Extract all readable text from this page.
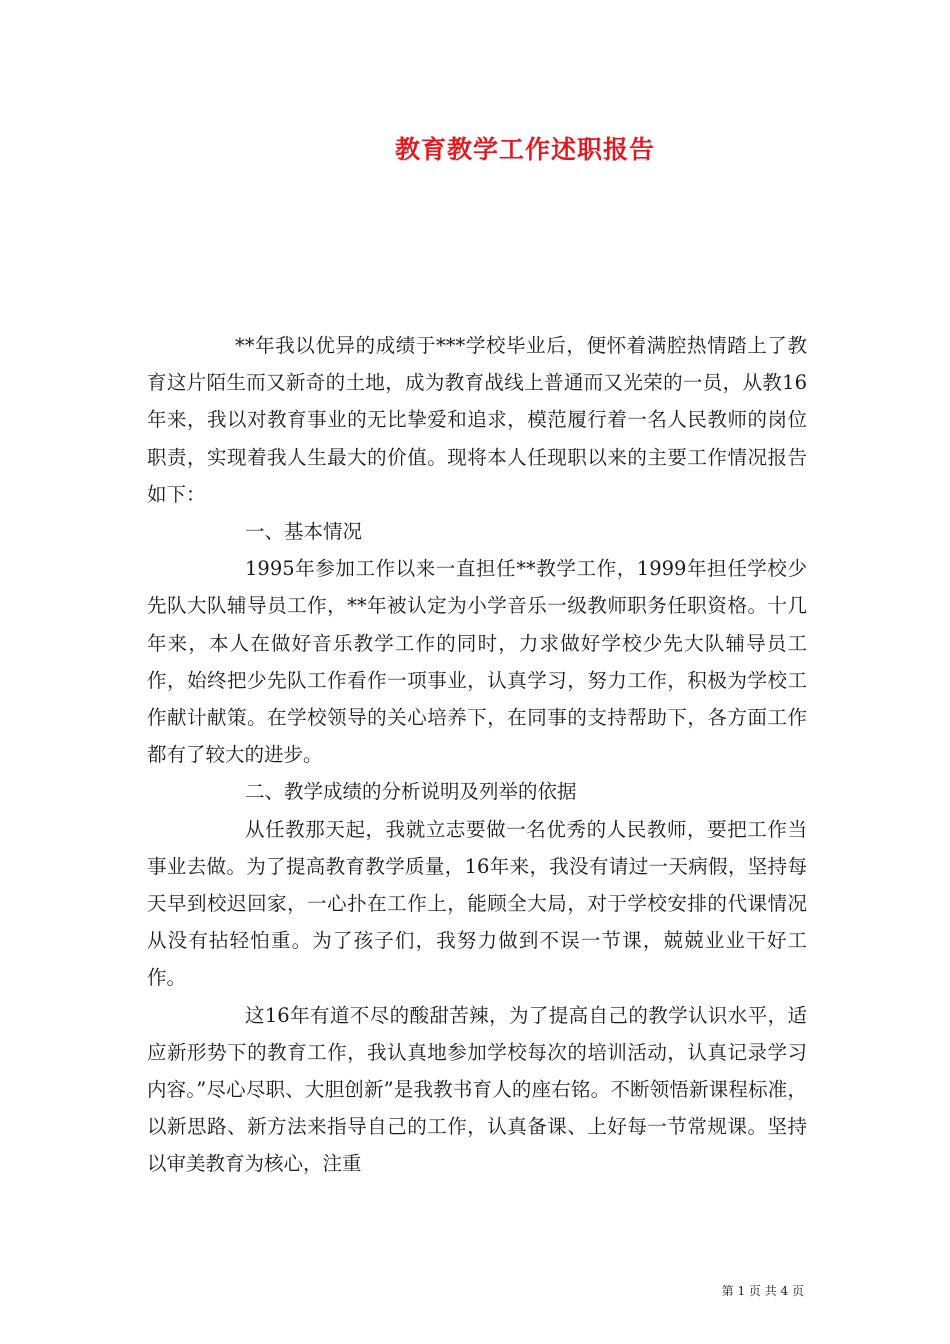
教育教学工作述职报告

**年我以优异的成绩于***学校毕业后，便怀着满腔热情踏上了教育这片陌生而又新奇的土地，成为教育战线上普通而又光荣的一员，从教16年来，我以对教育事业的无比挚爱和追求，模范履行着一名人民教师的岗位职责，实现着我人生最大的价值。现将本人任现职以来的主要工作情况报告如下：

一、基本情况

1995年参加工作以来一直担任**教学工作，1999年担任学校少先队大队辅导员工作，**年被认定为小学音乐一级教师职务任职资格。十几年来，本人在做好音乐教学工作的同时，力求做好学校少先大队辅导员工作，始终把少先队工作看作一项事业，认真学习，努力工作，积极为学校工作献计献策。在学校领导的关心培养下，在同事的支持帮助下，各方面工作都有了较大的进步。

二、教学成绩的分析说明及列举的依据

从任教那天起，我就立志要做一名优秀的人民教师，要把工作当事业去做。为了提高教育教学质量，16年来，我没有请过一天病假，坚持每天早到校迟回家，一心扑在工作上，能顾全大局，对于学校安排的代课情况从没有拈轻怕重。为了孩子们，我努力做到不误一节课，兢兢业业干好工作。

这16年有道不尽的酸甜苦辣，为了提高自己的教学认识水平，适应新形势下的教育工作，我认真地参加学校每次的培训活动，认真记录学习内容。”尽心尽职、大胆创新”是我教书育人的座右铭。不断领悟新课程标准，以新思路、新方法来指导自己的工作，认真备课、上好每一节常规课。坚持以审美教育为核心，注重

第 1 页 共 4 页
